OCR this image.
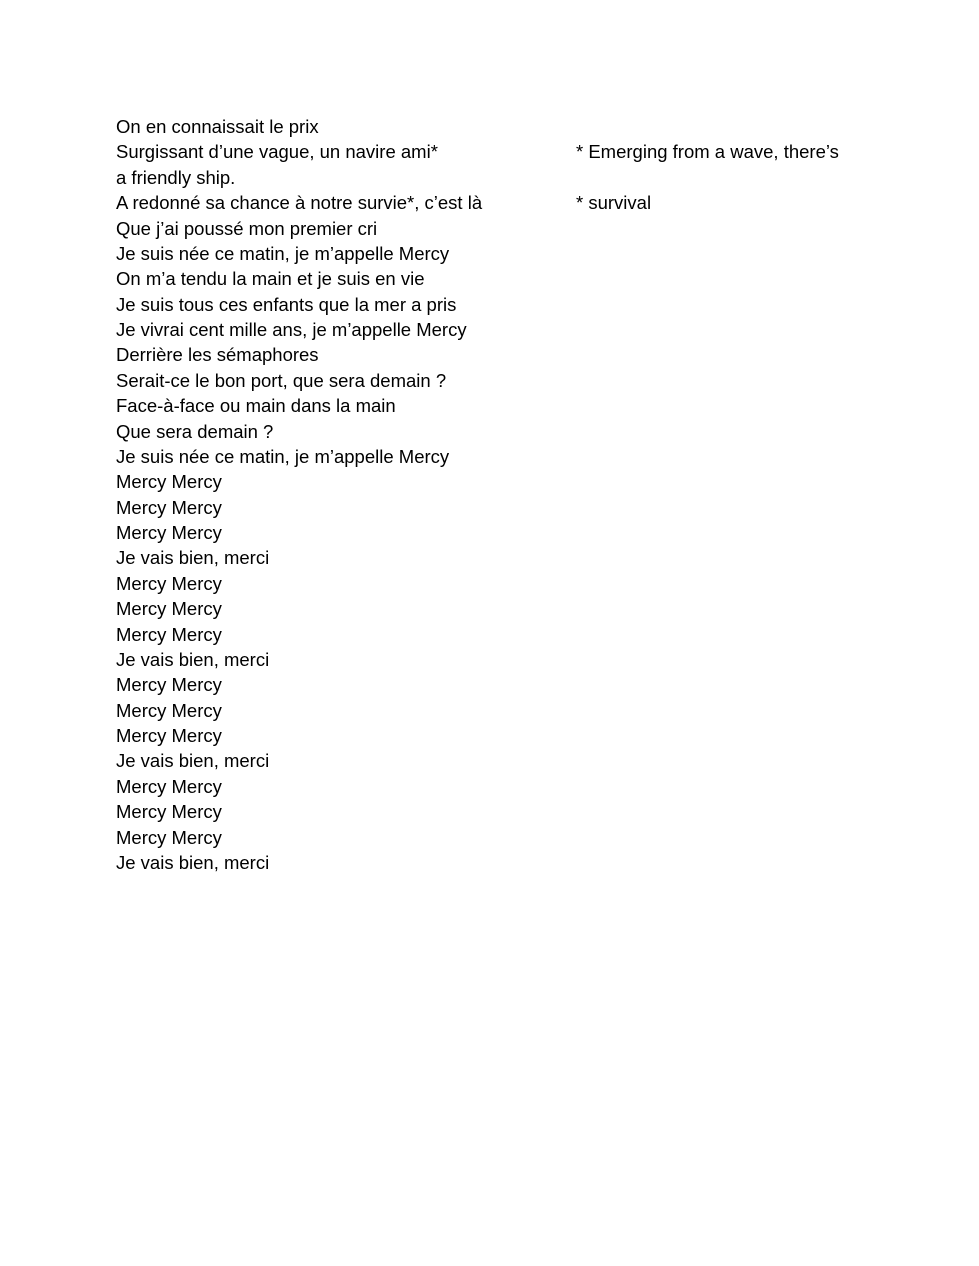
On en connaissait le prix
Surgissant d’une vague, un navire ami*	* Emerging from a wave, there’s
a friendly ship.
A redonné sa chance à notre survie*, c’est là	* survival
Que j’ai poussé mon premier cri
Je suis née ce matin, je m’appelle Mercy
On m’a tendu la main et je suis en vie
Je suis tous ces enfants que la mer a pris
Je vivrai cent mille ans, je m’appelle Mercy
Derrière les sémaphores
Serait-ce le bon port, que sera demain ?
Face-à-face ou main dans la main
Que sera demain ?
Je suis née ce matin, je m’appelle Mercy
Mercy Mercy
Mercy Mercy
Mercy Mercy
Je vais bien, merci
Mercy Mercy
Mercy Mercy
Mercy Mercy
Je vais bien, merci
Mercy Mercy
Mercy Mercy
Mercy Mercy
Je vais bien, merci
Mercy Mercy
Mercy Mercy
Mercy Mercy
Je vais bien, merci
